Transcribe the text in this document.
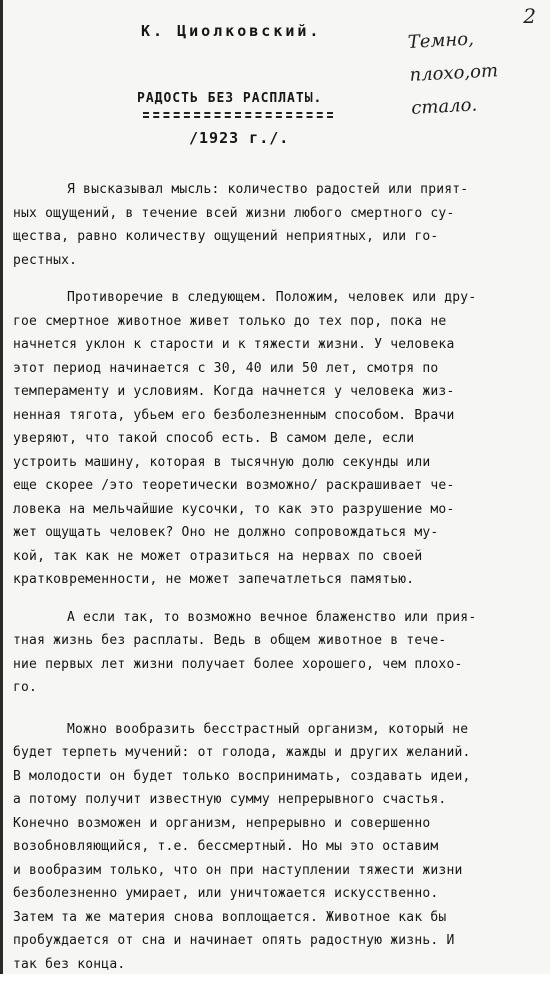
2
Темно,
плохо,от
стало.
К. Циолковский.
РАДОСТЬ БЕЗ РАСПЛАТЫ.
/1923 г./.
Я высказывал мысль: количество радостей или прият-
ных ощущений, в течение всей жизни любого смертного су-
щества, равно количеству ощущений неприятных, или го-
рестных.
Противоречие в следующем. Положим, человек или дру-
гое смертное животное живет только до тех пор, пока не
начнется уклон к старости и к тяжести жизни. У человека
этот период начинается с 30, 40 или 50 лет, смотря по
темпераменту и условиям. Когда начнется у человека жиз-
ненная тягота, убьем его безболезненным способом. Врачи
уверяют, что такой способ есть. В самом деле, если
устроить машину, которая в тысячную долю секунды или
еще скорее /это теоретически возможно/ раскрашивает че-
ловека на мельчайшие кусочки, то как это разрушение мо-
жет ощущать человек? Оно не должно сопровождаться му-
кой, так как не может отразиться на нервах по своей
кратковременности, не может запечатлеться памятью.
А если так, то возможно вечное блаженство или прия-
тная жизнь без расплаты. Ведь в общем животное в тече-
ние первых лет жизни получает более хорошего, чем плохо-
го.
Можно вообразить бесстрастный организм, который не
будет терпеть мучений: от голода, жажды и других желаний.
В молодости он будет только воспринимать, создавать идеи,
а потому получит известную сумму непрерывного счастья.
Конечно возможен и организм, непрерывно и совершенно
возобновляющийся, т.е. бессмертный. Но мы это оставим
и вообразим только, что он при наступлении тяжести жизни
безболезненно умирает, или уничтожается искусственно.
Затем та же материя снова воплощается. Животное как бы
пробуждается от сна и начинает опять радостную жизнь. И
так без конца.
